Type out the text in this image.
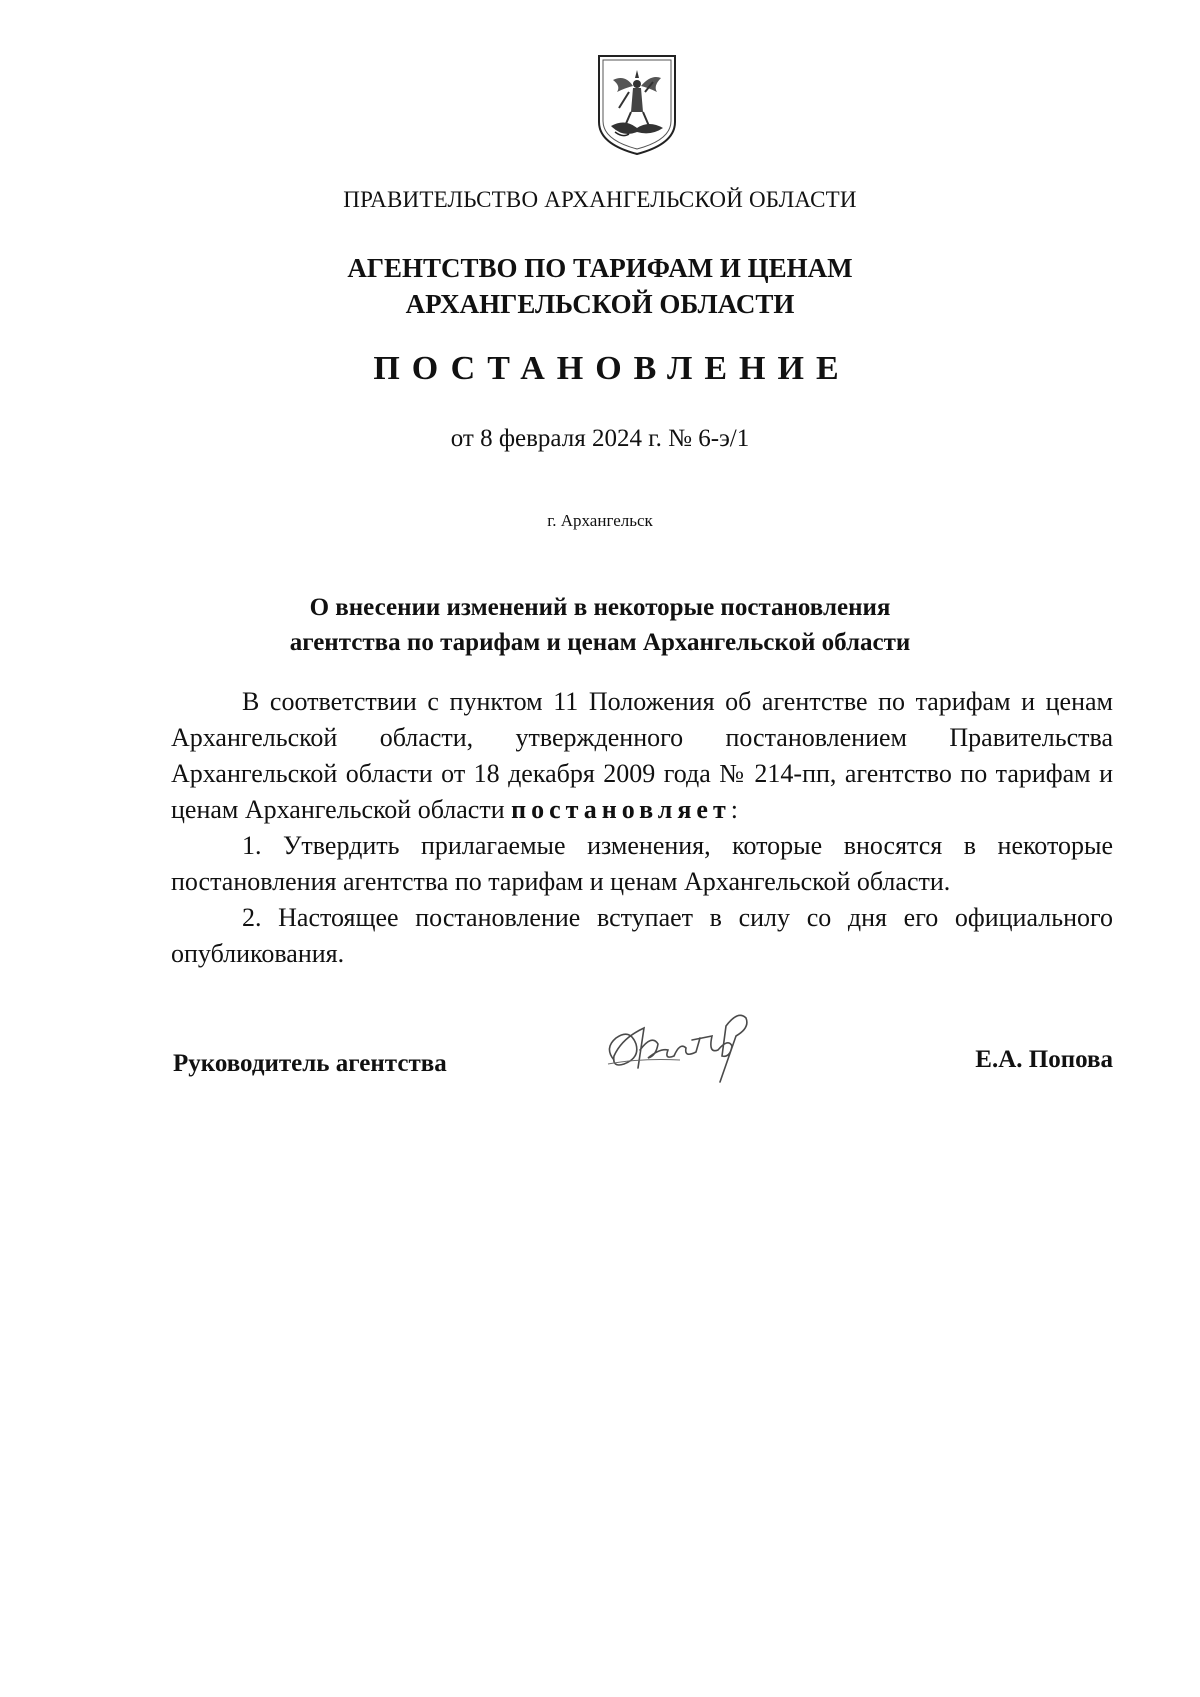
ПРАВИТЕЛЬСТВО АРХАНГЕЛЬСКОЙ ОБЛАСТИ
АГЕНТСТВО ПО ТАРИФАМ И ЦЕНАМ
АРХАНГЕЛЬСКОЙ ОБЛАСТИ
ПОСТАНОВЛЕНИЕ
от 8 февраля 2024 г. № 6-э/1
г. Архангельск
О внесении изменений в некоторые постановления
агентства по тарифам и ценам Архангельской области

В соответствии с пунктом 11 Положения об агентстве по тарифам и ценам Архангельской области, утвержденного постановлением Правительства Архангельской области от 18 декабря 2009 года № 214-пп, агентство по тарифам и ценам Архангельской области постановляет:

1. Утвердить прилагаемые изменения, которые вносятся в некоторые постановления агентства по тарифам и ценам Архангельской области.

2. Настоящее постановление вступает в силу со дня его официального опубликования.

Руководитель агентства	Е.А. Попова
